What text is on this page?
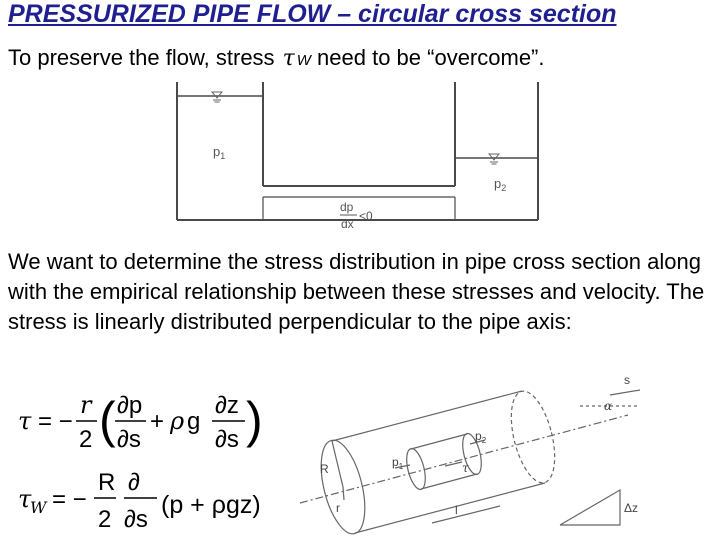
PRESSURIZED PIPE FLOW – circular cross section
To preserve the flow, stress τ W need to be “overcome”.
$p_1$
$p_2$
dp
dx
<0
We want to determine the stress distribution in pipe cross section along with the empirical relationship between these stresses and velocity. The stress is linearly distributed perpendicular to the pipe axis:
τ = −
r
2 ( ∂p
∂s
+ ρ g
∂z
∂s )
τ
W = −
R
2
∂
∂s
(p + ρgz)
s
α
$p_2$
$p_1$	τ
R
r	l	Δz
